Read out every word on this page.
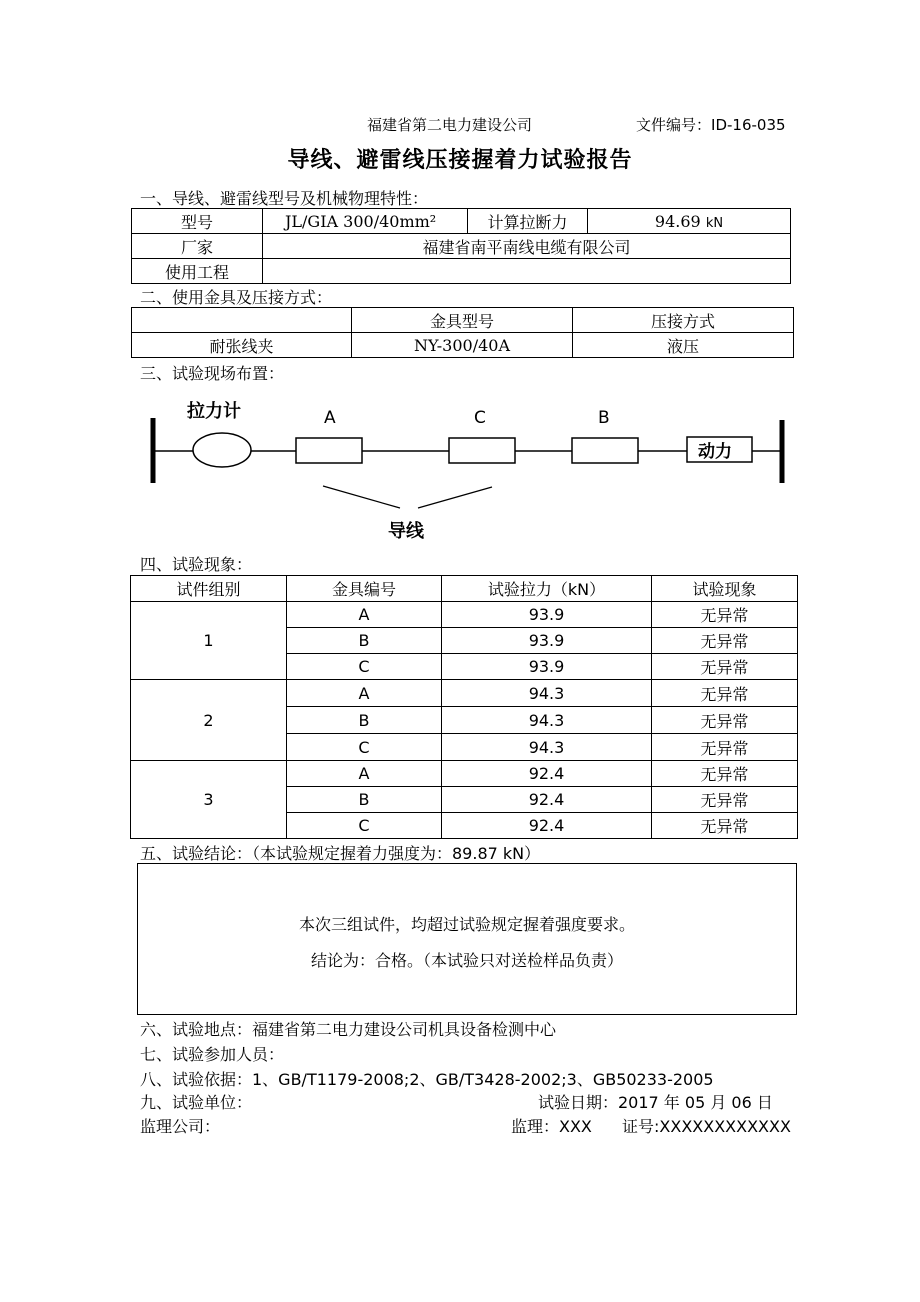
福建省第二电力建设公司	文件编号：ID-16-035
导线、避雷线压接握着力试验报告
一、导线、避雷线型号及机械物理特性：
型号	JL/GIA 300/40mm²	计算拉断力	94.69 kN
厂家	福建省南平南线电缆有限公司		
使用工程			
二、使用金具及压接方式：
	金具型号	压接方式
耐张线夹	NY-300/40A	液压
三、试验现场布置：
拉力计	A	C	B
动力
导线
四、试验现象：
试件组别	金具编号	试验拉力（kN）	试验现象
1	A	93.9	无异常
	B	93.9	无异常
	C	93.9	无异常
2	A	94.3	无异常
	B	94.3	无异常
	C	94.3	无异常
3	A	92.4	无异常
	B	92.4	无异常
	C	92.4	无异常
五、试验结论：（本试验规定握着力强度为：89.87 kN）
本次三组试件，均超过试验规定握着强度要求。
结论为：合格。（本试验只对送检样品负责）
六、试验地点：福建省第二电力建设公司机具设备检测中心
七、试验参加人员：
八、试验依据：1、GB/T1179-2008;2、GB/T3428-2002;3、GB50233-2005
九、试验单位：	试验日期：2017 年 05 月 06 日
监理公司：	监理：XXX 证号:XXXXXXXXXXXX
